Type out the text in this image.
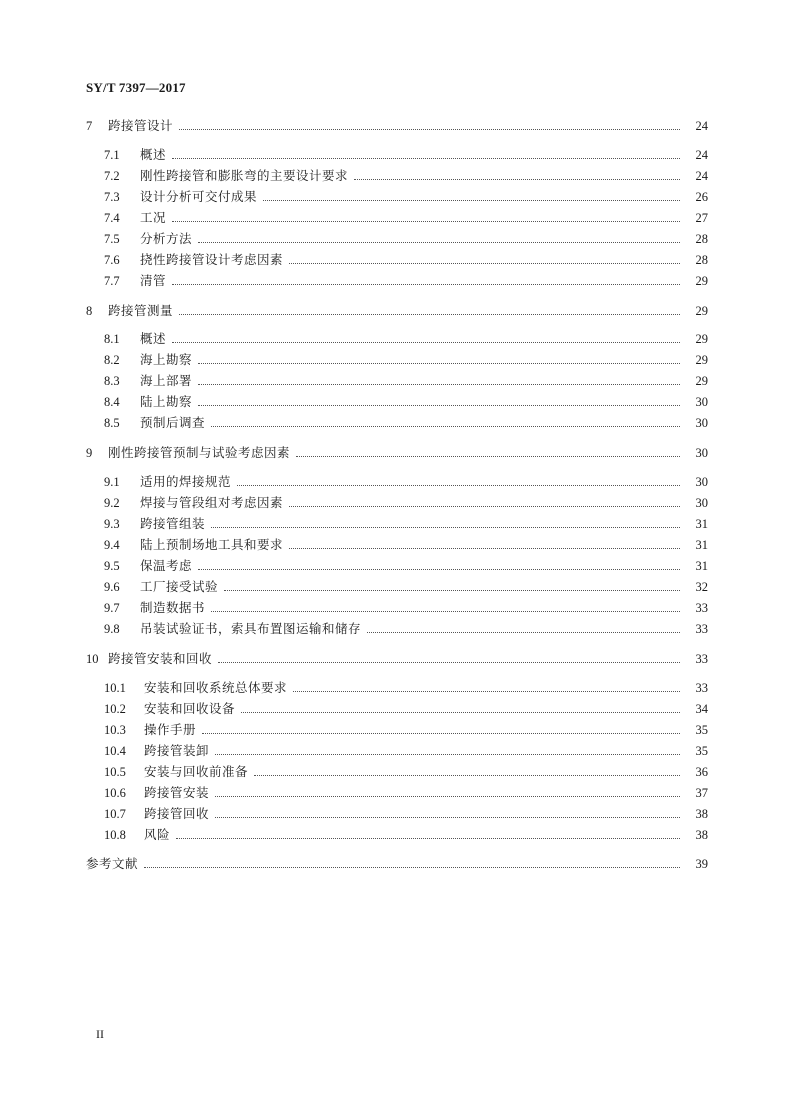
SY/T 7397—2017
7	跨接管设计	24
7.1	概述	24
7.2	刚性跨接管和膨胀弯的主要设计要求	24
7.3	设计分析可交付成果	26
7.4	工况	27
7.5	分析方法	28
7.6	挠性跨接管设计考虑因素	28
7.7	清管	29
8	跨接管测量	29
8.1	概述	29
8.2	海上勘察	29
8.3	海上部署	29
8.4	陆上勘察	30
8.5	预制后调查	30
9	刚性跨接管预制与试验考虑因素	30
9.1	适用的焊接规范	30
9.2	焊接与管段组对考虑因素	30
9.3	跨接管组装	31
9.4	陆上预制场地工具和要求	31
9.5	保温考虑	31
9.6	工厂接受试验	32
9.7	制造数据书	33
9.8	吊装试验证书，索具布置图运输和储存	33
10 跨接管安装和回收	33
10.1	安装和回收系统总体要求	33
10.2	安装和回收设备	34
10.3	操作手册	35
10.4	跨接管装卸	35
10.5	安装与回收前准备	36
10.6	跨接管安装	37
10.7	跨接管回收	38
10.8	风险	38
参考文献	39
II
